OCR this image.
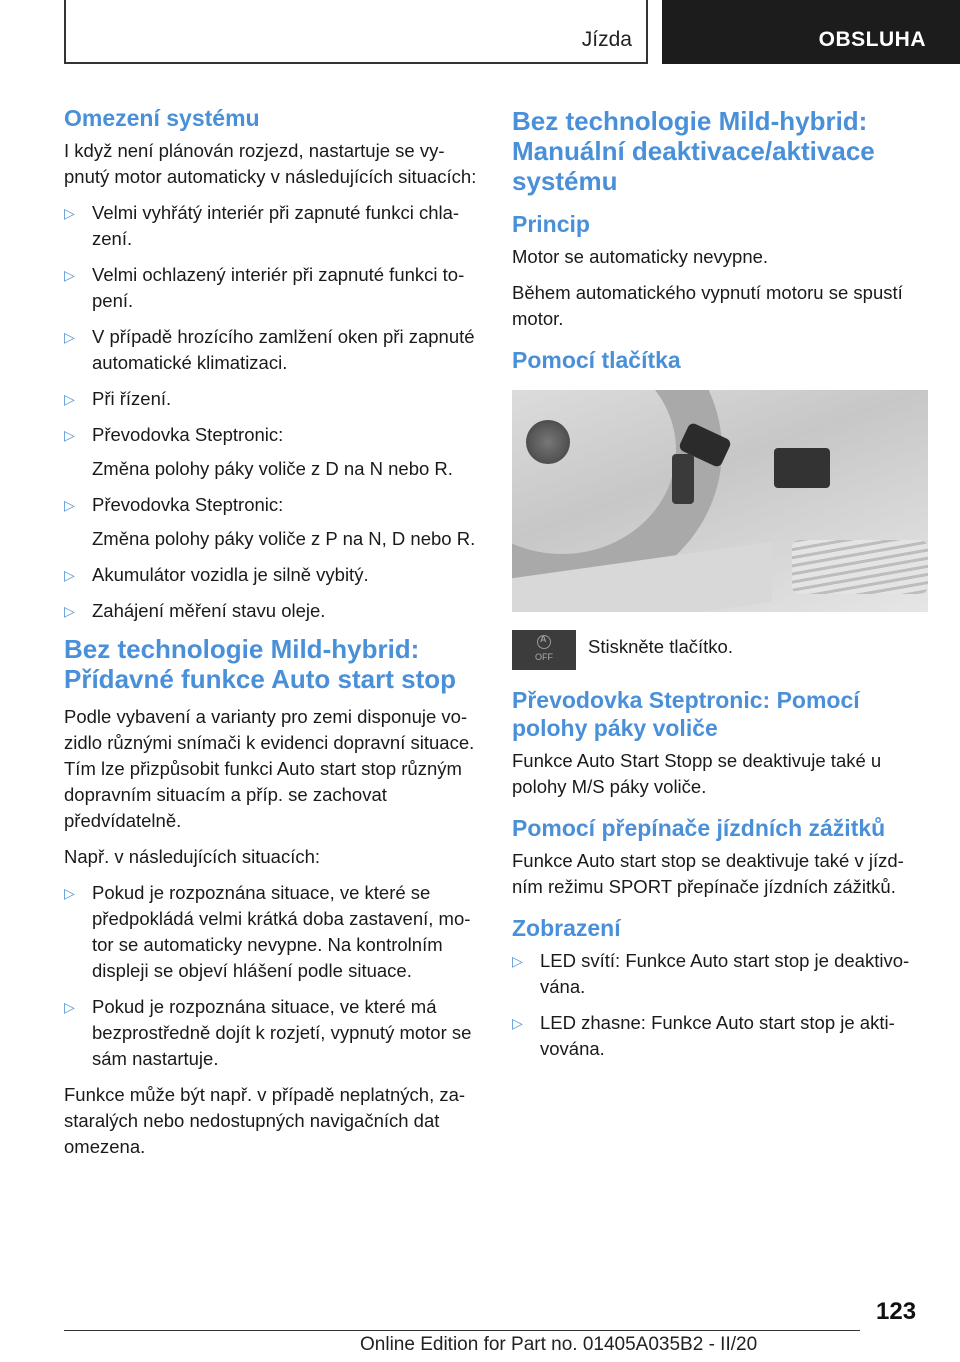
Jízda	OBSLUHA
Omezení systému

I když není plánován rozjezd, nastartuje se vypnutý motor automaticky v následujících situacích:

▷ Velmi vyhřátý interiér při zapnuté funkci chlazení.
▷ Velmi ochlazený interiér při zapnuté funkci topení.
▷ V případě hrozícího zamlžení oken při zapnuté automatické klimatizaci.
▷ Při řízení.
▷ Převodovka Steptronic:

Změna polohy páky voliče z D na N nebo R.

▷ Převodovka Steptronic:

Změna polohy páky voliče z P na N, D nebo R.

▷ Akumulátor vozidla je silně vybitý.
▷ Zahájení měření stavu oleje.
Bez technologie Mild-hybrid: Přídavné funkce Auto start stop

Podle vybavení a varianty pro zemi disponuje vozidlo různými snímači k evidenci dopravní situace. Tím lze přizpůsobit funkci Auto start stop různým dopravním situacím a příp. se zachovat předvídatelně.

Např. v následujících situacích:

▷ Pokud je rozpoznána situace, ve které se předpokládá velmi krátká doba zastavení, motor se automaticky nevypne. Na kontrolním displeji se objeví hlášení podle situace.
▷ Pokud je rozpoznána situace, ve které má bezprostředně dojít k rozjetí, vypnutý motor se sám nastartuje.

Funkce může být např. v případě neplatných, zastaralých nebo nedostupných navigačních dat omezena.

Bez technologie Mild-hybrid: Manuální deaktivace/aktivace systému
Princip

Motor se automaticky nevypne.

Během automatického vypnutí motoru se spustí motor.

Pomocí tlačítka
A
OFF	Stiskněte tlačítko.

Převodovka Steptronic: Pomocí polohy páky voliče

Funkce Auto Start Stopp se deaktivuje také u polohy M/S páky voliče.

Pomocí přepínače jízdních zážitků

Funkce Auto start stop se deaktivuje také v jízdním režimu SPORT přepínače jízdních zážitků.

Zobrazení
▷ LED svítí: Funkce Auto start stop je deaktivována.
▷ LED zhasne: Funkce Auto start stop je aktivována.
123
Online Edition for Part no. 01405A035B2 - II/20
